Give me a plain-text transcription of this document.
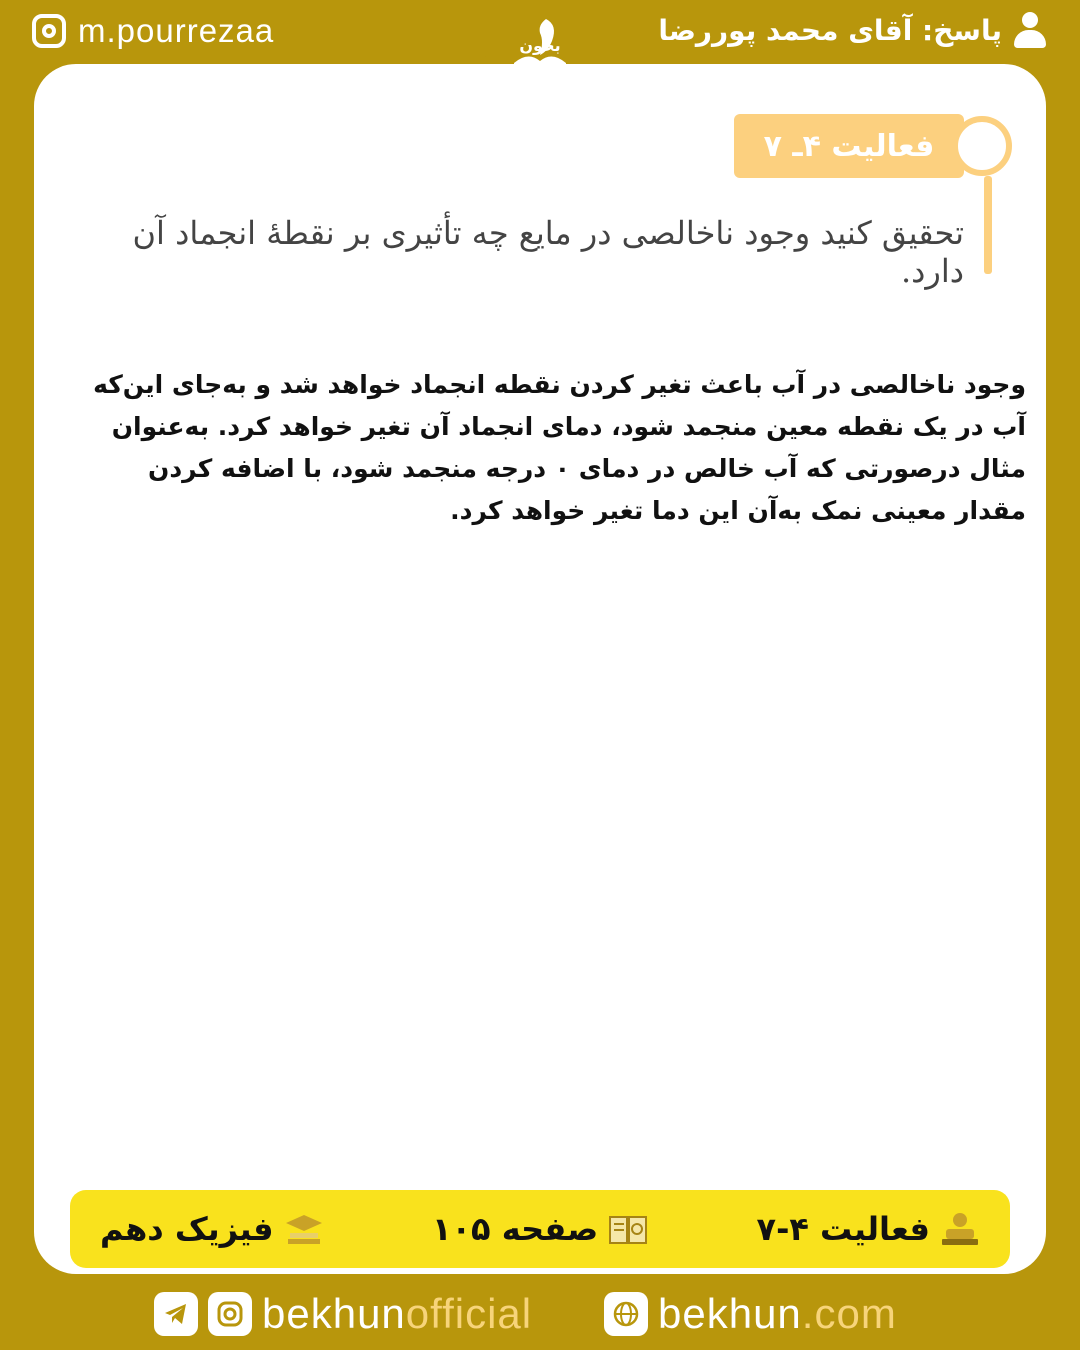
m.pourrezaa	پاسخ: آقای محمد پوررضا
بخون
فعالیت ۴ـ ۷
تحقیق کنید وجود ناخالصی در مایع چه تأثیری بر نقطهٔ انجماد آن دارد.
وجود ناخالصی در آب باعث تغیر کردن نقطه انجماد خواهد شد و به‌جای این‌که آب در یک نقطه معین منجمد شود، دمای انجماد آن تغیر خواهد کرد. به‌عنوان مثال درصورتی که آب خالص در دمای ۰ درجه منجمد شود، با اضافه کردن مقدار معینی نمک به‌آن این دما تغیر خواهد کرد.
فعالیت ۴-۷
صفحه ۱۰۵
فیزیک دهم
bekhunofficial	bekhun.com
